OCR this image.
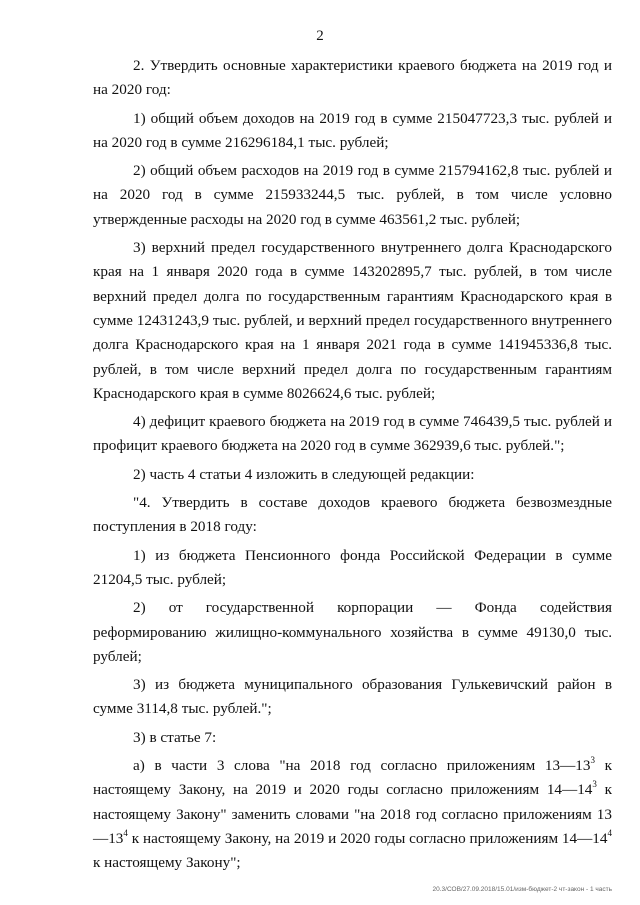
2

2. Утвердить основные характеристики краевого бюджета на 2019 год и на 2020 год:

1) общий объем доходов на 2019 год в сумме 215047723,3 тыс. рублей и на 2020 год в сумме 216296184,1 тыс. рублей;

2) общий объем расходов на 2019 год в сумме 215794162,8 тыс. рублей и на 2020 год в сумме 215933244,5 тыс. рублей, в том числе условно утвержденные расходы на 2020 год в сумме 463561,2 тыс. рублей;

3) верхний предел государственного внутреннего долга Краснодарского края на 1 января 2020 года в сумме 143202895,7 тыс. рублей, в том числе верхний предел долга по государственным гарантиям Краснодарского края в сумме 12431243,9 тыс. рублей, и верхний предел государственного внутреннего долга Краснодарского края на 1 января 2021 года в сумме 141945336,8 тыс. рублей, в том числе верхний предел долга по государственным гарантиям Краснодарского края в сумме 8026624,6 тыс. рублей;

4) дефицит краевого бюджета на 2019 год в сумме 746439,5 тыс. рублей и профицит краевого бюджета на 2020 год в сумме 362939,6 тыс. рублей.";

2) часть 4 статьи 4 изложить в следующей редакции:

"4. Утвердить в составе доходов краевого бюджета безвозмездные поступления в 2018 году:

1) из бюджета Пенсионного фонда Российской Федерации в сумме 21204,5 тыс. рублей;

2) от государственной корпорации — Фонда содействия реформированию жилищно-коммунального хозяйства в сумме 49130,0 тыс. рублей;

3) из бюджета муниципального образования Гулькевичский район в сумме 3114,8 тыс. рублей.";

3) в статье 7:

а) в части 3 слова "на 2018 год согласно приложениям $13—13^3$ к настоящему Закону, на 2019 и 2020 годы согласно приложениям $14—14^3$ к настоящему Закону" заменить словами "на 2018 год согласно приложениям $13—13^4$ к настоящему Закону, на 2019 и 2020 годы согласно приложениям $14—14^4$ к настоящему Закону";

20.3/СОВ/27.09.2018/15.01/изм-бюджет-2 чт-закон - 1 часть
